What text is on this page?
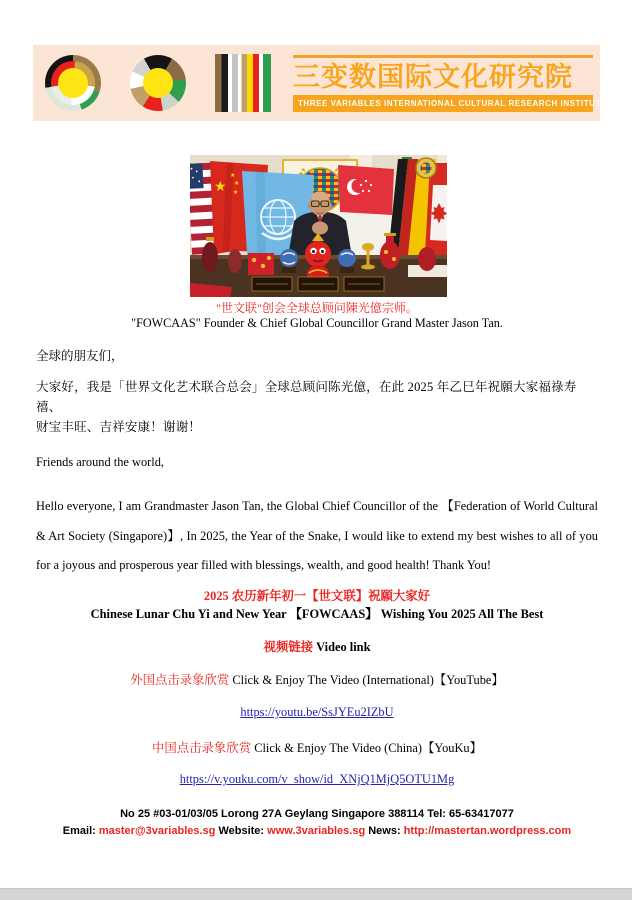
三变数国际文化研究院
THREE VARIABLES INTERNATIONAL CULTURAL RESEARCH INSTITUTE
★
★
★
★
"世文联"创会全球总顾问陳光億宗师。
"FOWCAAS" Founder & Chief Global Councillor Grand Master Jason Tan.
全球的朋友们，
大家好，我是「世界文化艺术联合总会」全球总顾问陈光億，在此 2025 年乙巳年祝願大家福祿寿禧、
财宝丰旺、吉祥安康！谢谢！
Friends around the world,
Hello everyone, I am Grandmaster Jason Tan, the Global Chief Councillor of the 【Federation of World Cultural & Art Society (Singapore)】, In 2025, the Year of the Snake, I would like to extend my best wishes to all of you for a joyous and prosperous year filled with blessings, wealth, and good health! Thank You!
2025 农历新年初一【世文联】祝願大家好
Chinese Lunar Chu Yi and New Year 【FOWCAAS】 Wishing You 2025 All The Best
视频链接 Video link
外国点击录象欣赏 Click & Enjoy The Video (International)【YouTube】
https://youtu.be/SsJYEu2IZbU
中国点击录象欣赏 Click & Enjoy The Video (China)【YouKu】
https://v.youku.com/v_show/id_XNjQ1MjQ5OTU1Mg
No 25 #03-01/03/05 Lorong 27A Geylang Singapore 388114 Tel: 65-63417077
Email: master@3variables.sg Website: www.3variables.sg News: http://mastertan.wordpress.com
